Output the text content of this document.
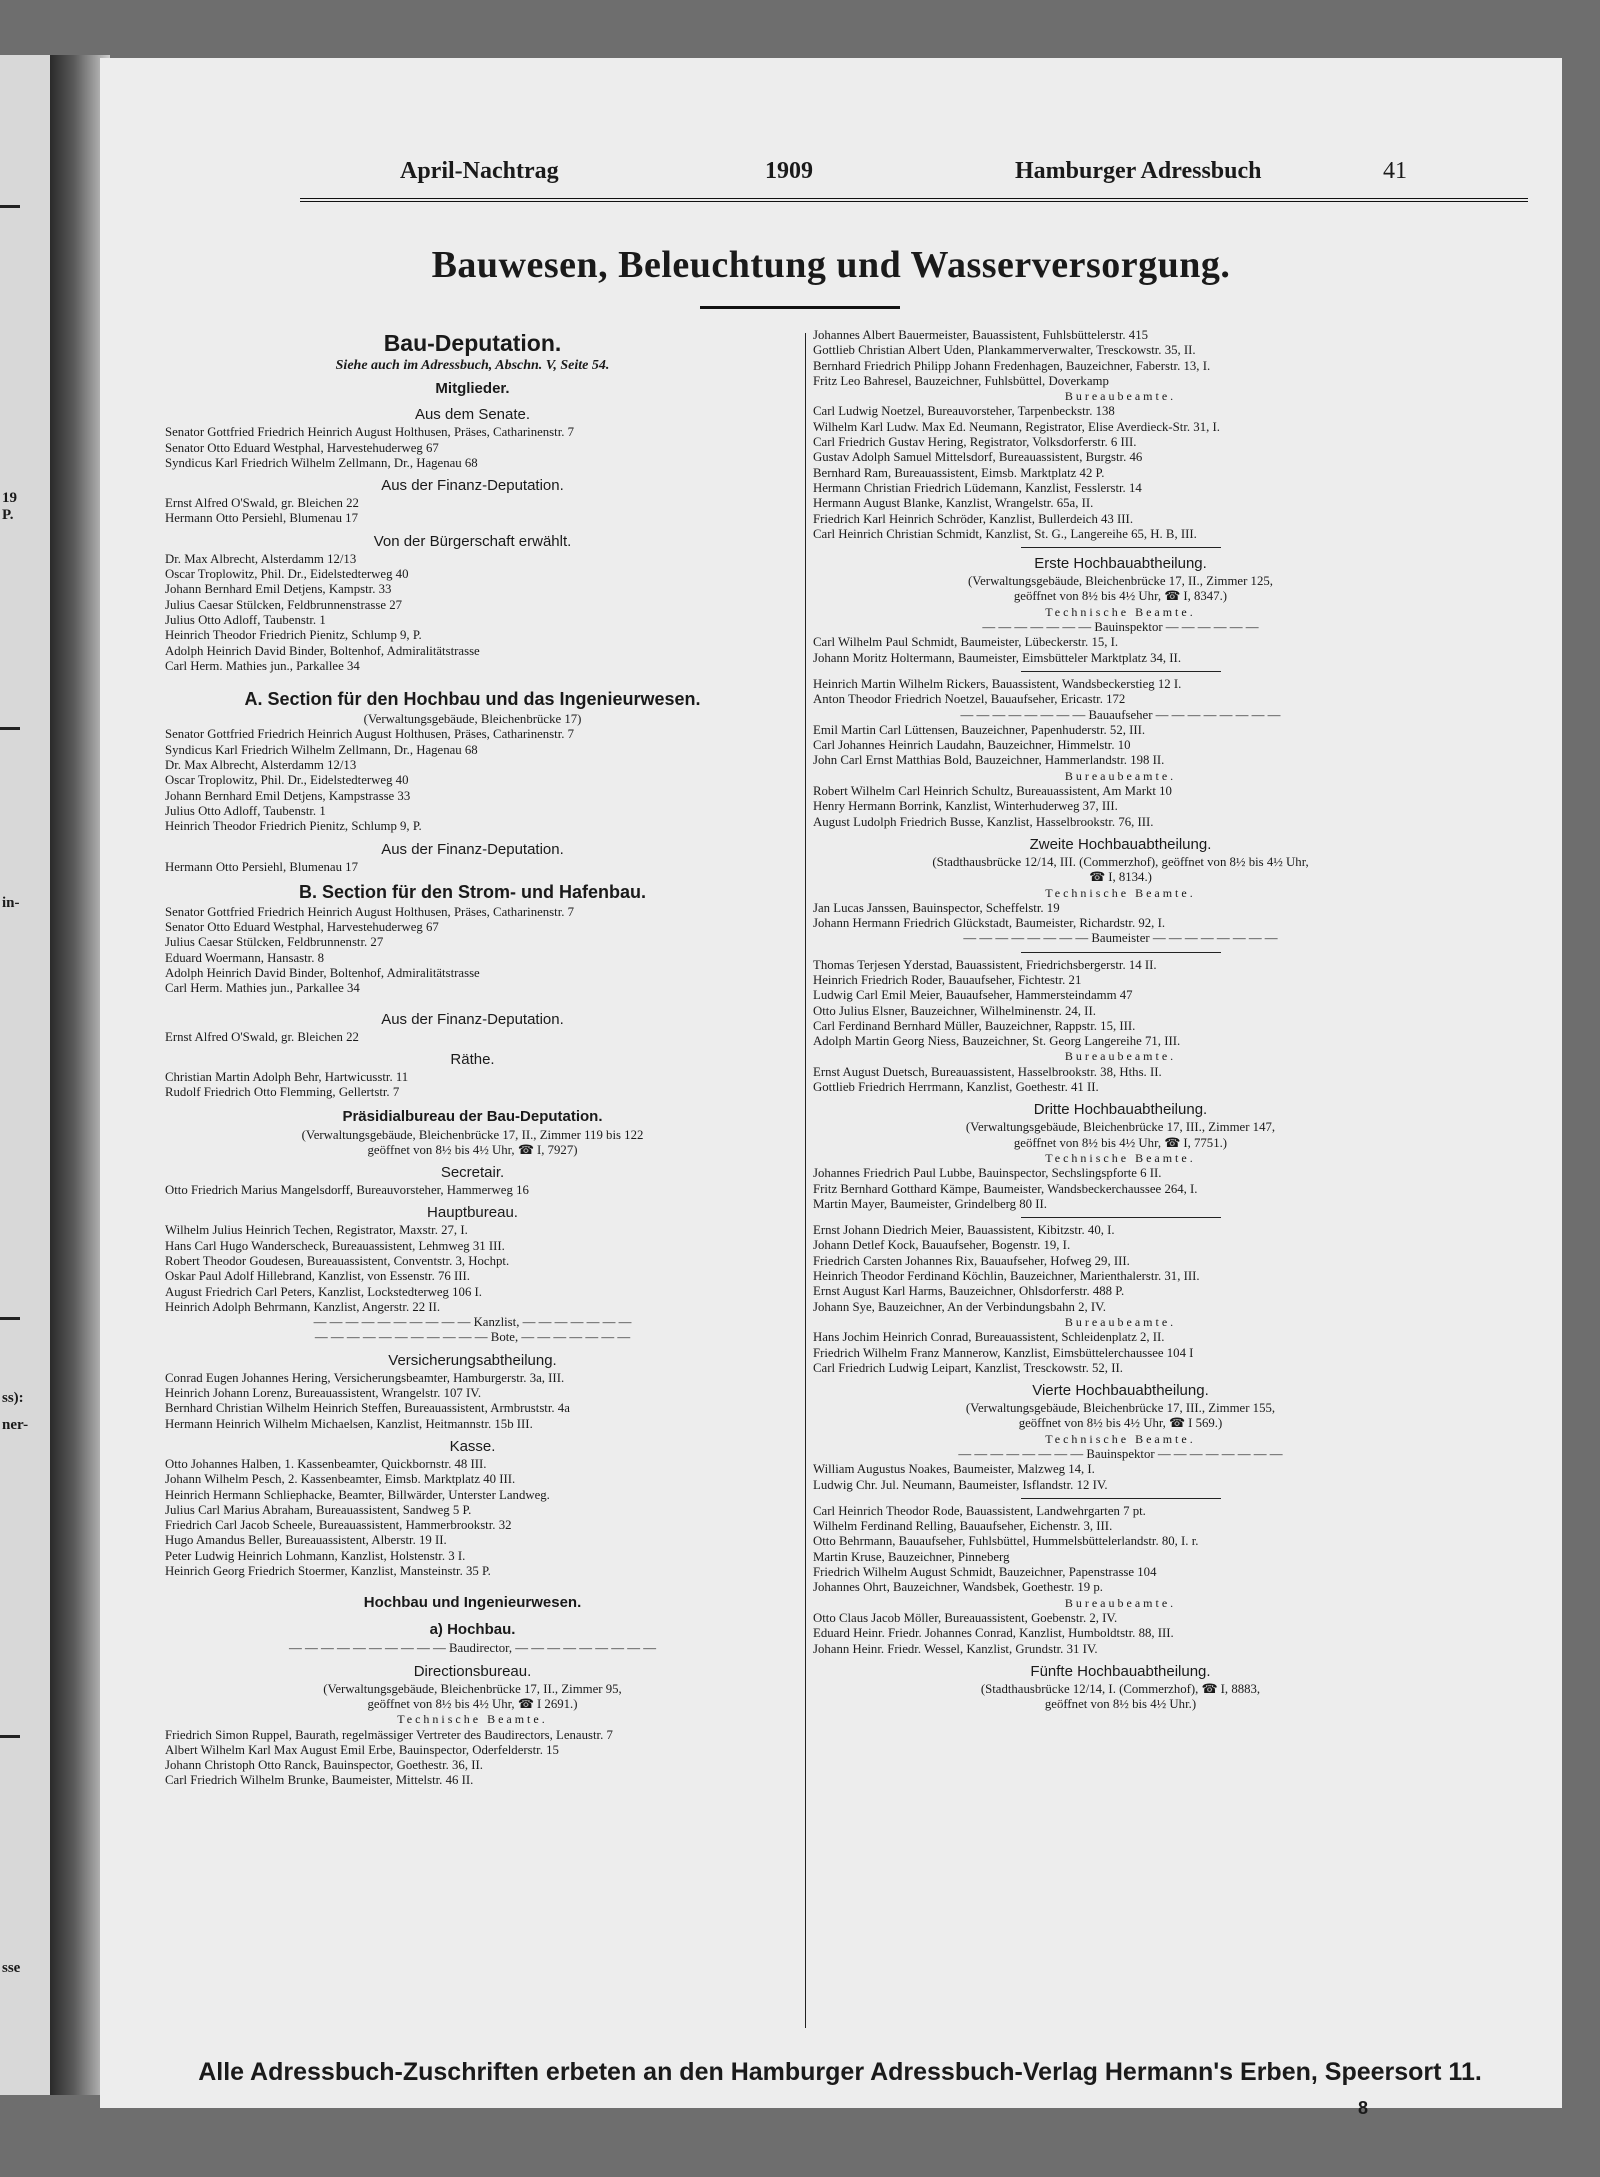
19
P.
in-
ss):
ner-
sse
April-Nachtrag	1909	Hamburger Adressbuch	41
Bauwesen, Beleuchtung und Wasserversorgung.
Bau-Deputation.
Siehe auch im Adressbuch, Abschn. V, Seite 54.
Mitglieder.
Aus dem Senate.
Senator Gottfried Friedrich Heinrich August Holthusen, Präses, Catharinenstr. 7
Senator Otto Eduard Westphal, Harvestehuderweg 67
Syndicus Karl Friedrich Wilhelm Zellmann, Dr., Hagenau 68
Aus der Finanz-Deputation.
Ernst Alfred O'Swald, gr. Bleichen 22
Hermann Otto Persiehl, Blumenau 17
Von der Bürgerschaft erwählt.
Dr. Max Albrecht, Alsterdamm 12/13
Oscar Troplowitz, Phil. Dr., Eidelstedterweg 40
Johann Bernhard Emil Detjens, Kampstr. 33
Julius Caesar Stülcken, Feldbrunnenstrasse 27
Julius Otto Adloff, Taubenstr. 1
Heinrich Theodor Friedrich Pienitz, Schlump 9, P.
Adolph Heinrich David Binder, Boltenhof, Admiralitätstrasse
Carl Herm. Mathies jun., Parkallee 34
A. Section für den Hochbau und das Ingenieurwesen.
(Verwaltungsgebäude, Bleichenbrücke 17)
Senator Gottfried Friedrich Heinrich August Holthusen, Präses, Catharinenstr. 7
Syndicus Karl Friedrich Wilhelm Zellmann, Dr., Hagenau 68
Dr. Max Albrecht, Alsterdamm 12/13
Oscar Troplowitz, Phil. Dr., Eidelstedterweg 40
Johann Bernhard Emil Detjens, Kampstrasse 33
Julius Otto Adloff, Taubenstr. 1
Heinrich Theodor Friedrich Pienitz, Schlump 9, P.
Aus der Finanz-Deputation.
Hermann Otto Persiehl, Blumenau 17
B. Section für den Strom- und Hafenbau.
Senator Gottfried Friedrich Heinrich August Holthusen, Präses, Catharinenstr. 7
Senator Otto Eduard Westphal, Harvestehuderweg 67
Julius Caesar Stülcken, Feldbrunnenstr. 27
Eduard Woermann, Hansastr. 8
Adolph Heinrich David Binder, Boltenhof, Admiralitätstrasse
Carl Herm. Mathies jun., Parkallee 34
Aus der Finanz-Deputation.
Ernst Alfred O'Swald, gr. Bleichen 22
Räthe.
Christian Martin Adolph Behr, Hartwicusstr. 11
Rudolf Friedrich Otto Flemming, Gellertstr. 7
Präsidialbureau der Bau-Deputation.
(Verwaltungsgebäude, Bleichenbrücke 17, II., Zimmer 119 bis 122
geöffnet von 8½ bis 4½ Uhr, ☎ I, 7927)
Secretair.
Otto Friedrich Marius Mangelsdorff, Bureauvorsteher, Hammerweg 16
Hauptbureau.
Wilhelm Julius Heinrich Techen, Registrator, Maxstr. 27, I.
Hans Carl Hugo Wanderscheck, Bureauassistent, Lehmweg 31 III.
Robert Theodor Goudesen, Bureauassistent, Conventstr. 3, Hochpt.
Oskar Paul Adolf Hillebrand, Kanzlist, von Essenstr. 76 III.
August Friedrich Carl Peters, Kanzlist, Lockstedterweg 106 I.
Heinrich Adolph Behrmann, Kanzlist, Angerstr. 22 II.
— — — — — — — — — — Kanzlist, — — — — — — —
— — — — — — — — — — — Bote, — — — — — — —
Versicherungsabtheilung.
Conrad Eugen Johannes Hering, Versicherungsbeamter, Hamburgerstr. 3a, III.
Heinrich Johann Lorenz, Bureauassistent, Wrangelstr. 107 IV.
Bernhard Christian Wilhelm Heinrich Steffen, Bureauassistent, Armbruststr. 4a
Hermann Heinrich Wilhelm Michaelsen, Kanzlist, Heitmannstr. 15b III.
Kasse.
Otto Johannes Halben, 1. Kassenbeamter, Quickbornstr. 48 III.
Johann Wilhelm Pesch, 2. Kassenbeamter, Eimsb. Marktplatz 40 III.
Heinrich Hermann Schliephacke, Beamter, Billwärder, Unterster Landweg.
Julius Carl Marius Abraham, Bureauassistent, Sandweg 5 P.
Friedrich Carl Jacob Scheele, Bureauassistent, Hammerbrookstr. 32
Hugo Amandus Beller, Bureauassistent, Alberstr. 19 II.
Peter Ludwig Heinrich Lohmann, Kanzlist, Holstenstr. 3 I.
Heinrich Georg Friedrich Stoermer, Kanzlist, Mansteinstr. 35 P.
Hochbau und Ingenieurwesen.
a) Hochbau.
— — — — — — — — — — Baudirector, — — — — — — — — —
Directionsbureau.
(Verwaltungsgebäude, Bleichenbrücke 17, II., Zimmer 95,
geöffnet von 8½ bis 4½ Uhr, ☎ I 2691.)
Technische Beamte.
Friedrich Simon Ruppel, Baurath, regelmässiger Vertreter des Baudirectors, Lenaustr. 7
Albert Wilhelm Karl Max August Emil Erbe, Bauinspector, Oderfelderstr. 15
Johann Christoph Otto Ranck, Bauinspector, Goethestr. 36, II.
Carl Friedrich Wilhelm Brunke, Baumeister, Mittelstr. 46 II.
Johannes Albert Bauermeister, Bauassistent, Fuhlsbüttelerstr. 415
Gottlieb Christian Albert Uden, Plankammerverwalter, Tresckowstr. 35, II.
Bernhard Friedrich Philipp Johann Fredenhagen, Bauzeichner, Faberstr. 13, I.
Fritz Leo Bahresel, Bauzeichner, Fuhlsbüttel, Doverkamp
Bureaubeamte.
Carl Ludwig Noetzel, Bureauvorsteher, Tarpenbeckstr. 138
Wilhelm Karl Ludw. Max Ed. Neumann, Registrator, Elise Averdieck-Str. 31, I.
Carl Friedrich Gustav Hering, Registrator, Volksdorferstr. 6 III.
Gustav Adolph Samuel Mittelsdorf, Bureauassistent, Burgstr. 46
Bernhard Ram, Bureauassistent, Eimsb. Marktplatz 42 P.
Hermann Christian Friedrich Lüdemann, Kanzlist, Fesslerstr. 14
Hermann August Blanke, Kanzlist, Wrangelstr. 65a, II.
Friedrich Karl Heinrich Schröder, Kanzlist, Bullerdeich 43 III.
Carl Heinrich Christian Schmidt, Kanzlist, St. G., Langereihe 65, H. B, III.
Erste Hochbauabtheilung.
(Verwaltungsgebäude, Bleichenbrücke 17, II., Zimmer 125,
geöffnet von 8½ bis 4½ Uhr, ☎ I, 8347.)
Technische Beamte.
— — — — — — — Bauinspektor — — — — — —
Carl Wilhelm Paul Schmidt, Baumeister, Lübeckerstr. 15, I.
Johann Moritz Holtermann, Baumeister, Eimsbütteler Marktplatz 34, II.
Heinrich Martin Wilhelm Rickers, Bauassistent, Wandsbeckerstieg 12 I.
Anton Theodor Friedrich Noetzel, Bauaufseher, Ericastr. 172
— — — — — — — — Bauaufseher — — — — — — — —
Emil Martin Carl Lüttensen, Bauzeichner, Papenhuderstr. 52, III.
Carl Johannes Heinrich Laudahn, Bauzeichner, Himmelstr. 10
John Carl Ernst Matthias Bold, Bauzeichner, Hammerlandstr. 198 II.
Bureaubeamte.
Robert Wilhelm Carl Heinrich Schultz, Bureauassistent, Am Markt 10
Henry Hermann Borrink, Kanzlist, Winterhuderweg 37, III.
August Ludolph Friedrich Busse, Kanzlist, Hasselbrookstr. 76, III.
Zweite Hochbauabtheilung.
(Stadthausbrücke 12/14, III. (Commerzhof), geöffnet von 8½ bis 4½ Uhr,
☎ I, 8134.)
Technische Beamte.
Jan Lucas Janssen, Bauinspector, Scheffelstr. 19
Johann Hermann Friedrich Glückstadt, Baumeister, Richardstr. 92, I.
— — — — — — — — Baumeister — — — — — — — —
Thomas Terjesen Yderstad, Bauassistent, Friedrichsbergerstr. 14 II.
Heinrich Friedrich Roder, Bauaufseher, Fichtestr. 21
Ludwig Carl Emil Meier, Bauaufseher, Hammersteindamm 47
Otto Julius Elsner, Bauzeichner, Wilhelminenstr. 24, II.
Carl Ferdinand Bernhard Müller, Bauzeichner, Rappstr. 15, III.
Adolph Martin Georg Niess, Bauzeichner, St. Georg Langereihe 71, III.
Bureaubeamte.
Ernst August Duetsch, Bureauassistent, Hasselbrookstr. 38, Hths. II.
Gottlieb Friedrich Herrmann, Kanzlist, Goethestr. 41 II.
Dritte Hochbauabtheilung.
(Verwaltungsgebäude, Bleichenbrücke 17, III., Zimmer 147,
geöffnet von 8½ bis 4½ Uhr, ☎ I, 7751.)
Technische Beamte.
Johannes Friedrich Paul Lubbe, Bauinspector, Sechslingspforte 6 II.
Fritz Bernhard Gotthard Kämpe, Baumeister, Wandsbeckerchaussee 264, I.
Martin Mayer, Baumeister, Grindelberg 80 II.
Ernst Johann Diedrich Meier, Bauassistent, Kibitzstr. 40, I.
Johann Detlef Kock, Bauaufseher, Bogenstr. 19, I.
Friedrich Carsten Johannes Rix, Bauaufseher, Hofweg 29, III.
Heinrich Theodor Ferdinand Köchlin, Bauzeichner, Marienthalerstr. 31, III.
Ernst August Karl Harms, Bauzeichner, Ohlsdorferstr. 488 P.
Johann Sye, Bauzeichner, An der Verbindungsbahn 2, IV.
Bureaubeamte.
Hans Jochim Heinrich Conrad, Bureauassistent, Schleidenplatz 2, II.
Friedrich Wilhelm Franz Mannerow, Kanzlist, Eimsbüttelerchaussee 104 I
Carl Friedrich Ludwig Leipart, Kanzlist, Tresckowstr. 52, II.
Vierte Hochbauabtheilung.
(Verwaltungsgebäude, Bleichenbrücke 17, III., Zimmer 155,
geöffnet von 8½ bis 4½ Uhr, ☎ I 569.)
Technische Beamte.
— — — — — — — — Bauinspektor — — — — — — — —
William Augustus Noakes, Baumeister, Malzweg 14, I.
Ludwig Chr. Jul. Neumann, Baumeister, Isflandstr. 12 IV.
Carl Heinrich Theodor Rode, Bauassistent, Landwehrgarten 7 pt.
Wilhelm Ferdinand Relling, Bauaufseher, Eichenstr. 3, III.
Otto Behrmann, Bauaufseher, Fuhlsbüttel, Hummelsbüttelerlandstr. 80, I. r.
Martin Kruse, Bauzeichner, Pinneberg
Friedrich Wilhelm August Schmidt, Bauzeichner, Papenstrasse 104
Johannes Ohrt, Bauzeichner, Wandsbek, Goethestr. 19 p.
Bureaubeamte.
Otto Claus Jacob Möller, Bureauassistent, Goebenstr. 2, IV.
Eduard Heinr. Friedr. Johannes Conrad, Kanzlist, Humboldtstr. 88, III.
Johann Heinr. Friedr. Wessel, Kanzlist, Grundstr. 31 IV.
Fünfte Hochbauabtheilung.
(Stadthausbrücke 12/14, I. (Commerzhof), ☎ I, 8883,
geöffnet von 8½ bis 4½ Uhr.)
Alle Adressbuch-Zuschriften erbeten an den Hamburger Adressbuch-Verlag Hermann's Erben, Speersort 11.
8
